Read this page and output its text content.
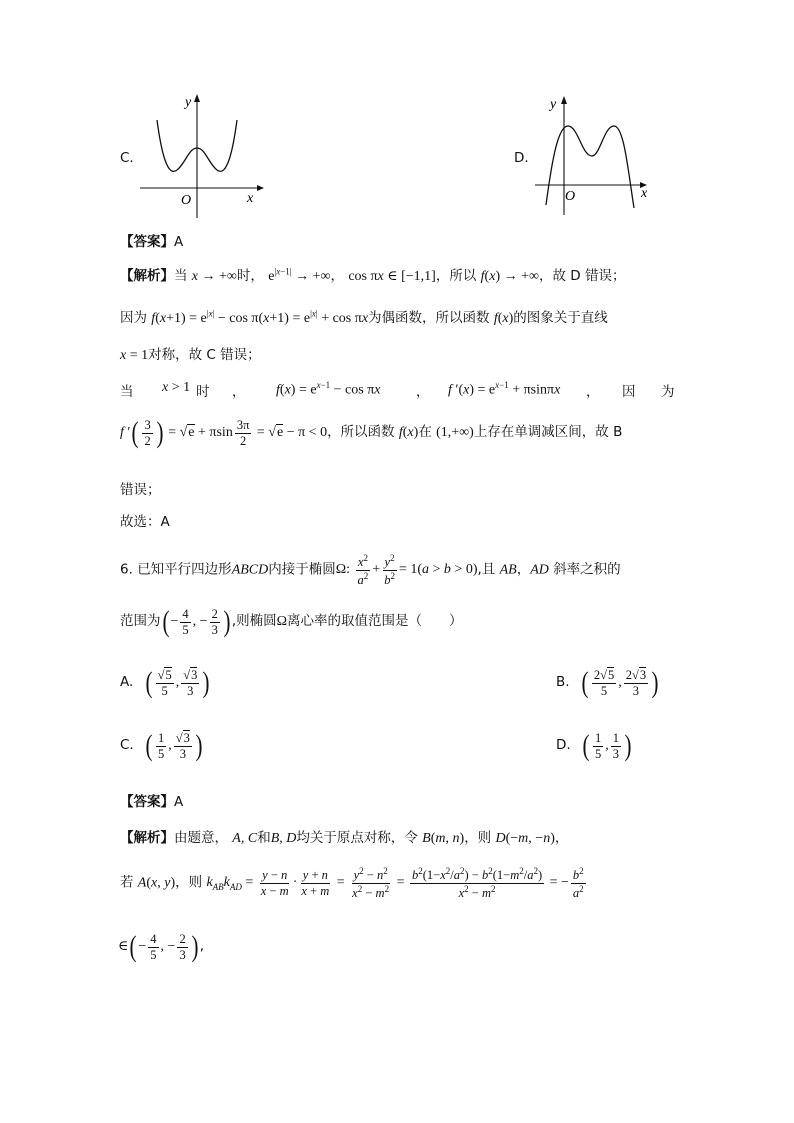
C.
y
x
O
D.
y
x
O
【答案】A
【解析】当 x → +∞时， $e^{|x-1|}$ → +∞， cos πx ∈ [−1,1]，所以 f(x) → +∞，故 D 错误；
因为 $f(x+1) = e^{|x|} - \cos \pi(x+1) = e^{|x|} + \cos \pi x$为偶函数，所以函数 f(x)的图象关于直线
x = 1对称，故 C 错误；
当 x > 1 时 ， $f(x) = e^{x-1} - \cos \pi x$	， f $'(x) = e^{x-1} + \pi\sin\pi x$ ， 因 为
f ′( $\frac{3}{2}$ ) = √e + πsin $\frac{3\pi}{2} = √e - \pi < 0$，所以函数 f(x)在 (1,+∞)上存在单调减区间，故 B
错误；
故选：A
6. 已知平行四边形ABCD内接于椭圆Ω: $\frac{x^2}{a^2} + \frac{y^2}{b^2} = 1(a > b > 0)$,且 AB，AD 斜率之积的
范围为( − $\frac{4}{5}$ , − $\frac{2}{3}$ ) ,则椭圆Ω离心率的取值范围是（　　）
A. ( $\frac{√5}{5}$ , $\frac{√3}{3}$ )	B. ( $\frac{2√5}{5}$ , $\frac{2√3}{3}$ )
C. ( $\frac{1}{5}$ , $\frac{√3}{3}$ )	D. ( $\frac{1}{5}$ , $\frac{1}{3}$ )
【答案】A
【解析】由题意， A, C和B, D均关于原点对称，令 B(m, n)，则 D(−m, −n)，
若 A(x, y)，则 $k_{AB}k_{AD} = \frac{y - n}{x - m} \cdot \frac{y + n}{x + m} = \frac{y^2 - n^2}{x^2 - m^2} = \frac{b^2(1-x^2/a^2) - b^2(1-m^2/a^2)}{x^2 - m^2}$ = − $\frac{b^2}{a^2}$
∈( − $\frac{4}{5}$ , − $\frac{2}{3}$ ) ,
